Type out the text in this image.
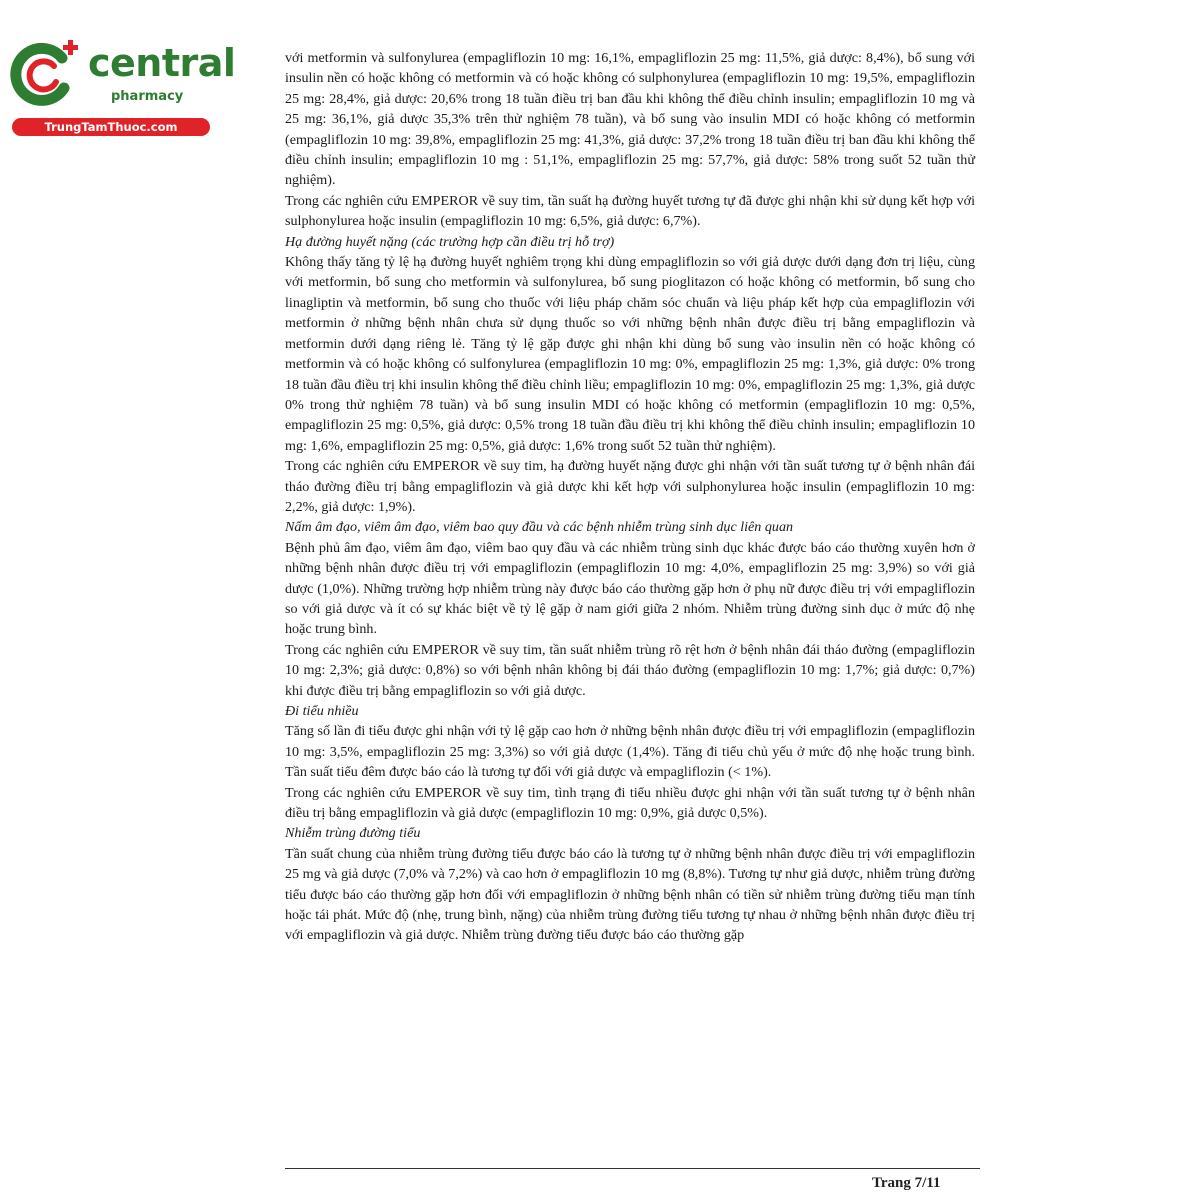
central
pharmacy
TrungTamThuoc.com

với metformin và sulfonylurea (empagliflozin 10 mg: 16,1%, empagliflozin 25 mg: 11,5%, giả dược: 8,4%), bổ sung với insulin nền có hoặc không có metformin và có hoặc không có sulphonylurea (empagliflozin 10 mg: 19,5%, empagliflozin 25 mg: 28,4%, giả dược: 20,6% trong 18 tuần điều trị ban đầu khi không thể điều chỉnh insulin; empagliflozin 10 mg và 25 mg: 36,1%, giả dược 35,3% trên thử nghiệm 78 tuần), và bổ sung vào insulin MDI có hoặc không có metformin (empagliflozin 10 mg: 39,8%, empagliflozin 25 mg: 41,3%, giả dược: 37,2% trong 18 tuần điều trị ban đầu khi không thể điều chỉnh insulin; empagliflozin 10 mg : 51,1%, empagliflozin 25 mg: 57,7%, giả dược: 58% trong suốt 52 tuần thử nghiệm).

Trong các nghiên cứu EMPEROR về suy tim, tần suất hạ đường huyết tương tự đã được ghi nhận khi sử dụng kết hợp với sulphonylurea hoặc insulin (empagliflozin 10 mg: 6,5%, giả dược: 6,7%).

Hạ đường huyết nặng (các trường hợp cần điều trị hỗ trợ)

Không thấy tăng tỷ lệ hạ đường huyết nghiêm trọng khi dùng empagliflozin so với giả dược dưới dạng đơn trị liệu, cùng với metformin, bổ sung cho metformin và sulfonylurea, bổ sung pioglitazon có hoặc không có metformin, bổ sung cho linagliptin và metformin, bổ sung cho thuốc với liệu pháp chăm sóc chuẩn và liệu pháp kết hợp của empagliflozin với metformin ở những bệnh nhân chưa sử dụng thuốc so với những bệnh nhân được điều trị bằng empagliflozin và metformin dưới dạng riêng lẻ. Tăng tỷ lệ gặp được ghi nhận khi dùng bổ sung vào insulin nền có hoặc không có metformin và có hoặc không có sulfonylurea (empagliflozin 10 mg: 0%, empagliflozin 25 mg: 1,3%, giả dược: 0% trong 18 tuần đầu điều trị khi insulin không thể điều chỉnh liều; empagliflozin 10 mg: 0%, empagliflozin 25 mg: 1,3%, giả dược 0% trong thử nghiệm 78 tuần) và bổ sung insulin MDI có hoặc không có metformin (empagliflozin 10 mg: 0,5%, empagliflozin 25 mg: 0,5%, giả dược: 0,5% trong 18 tuần đầu điều trị khi không thể điều chỉnh insulin; empagliflozin 10 mg: 1,6%, empagliflozin 25 mg: 0,5%, giả dược: 1,6% trong suốt 52 tuần thử nghiệm).

Trong các nghiên cứu EMPEROR về suy tim, hạ đường huyết nặng được ghi nhận với tần suất tương tự ở bệnh nhân đái tháo đường điều trị bằng empagliflozin và giả dược khi kết hợp với sulphonylurea hoặc insulin (empagliflozin 10 mg: 2,2%, giả dược: 1,9%).

Nấm âm đạo, viêm âm đạo, viêm bao quy đầu và các bệnh nhiễm trùng sinh dục liên quan

Bệnh phủ âm đạo, viêm âm đạo, viêm bao quy đầu và các nhiễm trùng sinh dục khác được báo cáo thường xuyên hơn ở những bệnh nhân được điều trị với empagliflozin (empagliflozin 10 mg: 4,0%, empagliflozin 25 mg: 3,9%) so với giả dược (1,0%). Những trường hợp nhiễm trùng này được báo cáo thường gặp hơn ở phụ nữ được điều trị với empagliflozin so với giả dược và ít có sự khác biệt về tỷ lệ gặp ở nam giới giữa 2 nhóm. Nhiễm trùng đường sinh dục ở mức độ nhẹ hoặc trung bình.

Trong các nghiên cứu EMPEROR về suy tim, tần suất nhiễm trùng rõ rệt hơn ở bệnh nhân đái tháo đường (empagliflozin 10 mg: 2,3%; giả dược: 0,8%) so với bệnh nhân không bị đái tháo đường (empagliflozin 10 mg: 1,7%; giả dược: 0,7%) khi được điều trị bằng empagliflozin so với giả dược.

Đi tiểu nhiều

Tăng số lần đi tiểu được ghi nhận với tỷ lệ gặp cao hơn ở những bệnh nhân được điều trị với empagliflozin (empagliflozin 10 mg: 3,5%, empagliflozin 25 mg: 3,3%) so với giả dược (1,4%). Tăng đi tiểu chủ yếu ở mức độ nhẹ hoặc trung bình. Tần suất tiểu đêm được báo cáo là tương tự đối với giả dược và empagliflozin (< 1%).

Trong các nghiên cứu EMPEROR về suy tim, tình trạng đi tiểu nhiều được ghi nhận với tần suất tương tự ở bệnh nhân điều trị bằng empagliflozin và giả dược (empagliflozin 10 mg: 0,9%, giả dược 0,5%).

Nhiễm trùng đường tiểu

Tần suất chung của nhiễm trùng đường tiểu được báo cáo là tương tự ở những bệnh nhân được điều trị với empagliflozin 25 mg và giả dược (7,0% và 7,2%) và cao hơn ở empagliflozin 10 mg (8,8%). Tương tự như giả dược, nhiễm trùng đường tiểu được báo cáo thường gặp hơn đối với empagliflozin ở những bệnh nhân có tiền sử nhiễm trùng đường tiểu mạn tính hoặc tái phát. Mức độ (nhẹ, trung bình, nặng) của nhiễm trùng đường tiểu tương tự nhau ở những bệnh nhân được điều trị với empagliflozin và giả dược. Nhiễm trùng đường tiểu được báo cáo thường gặp

Trang 7/11
